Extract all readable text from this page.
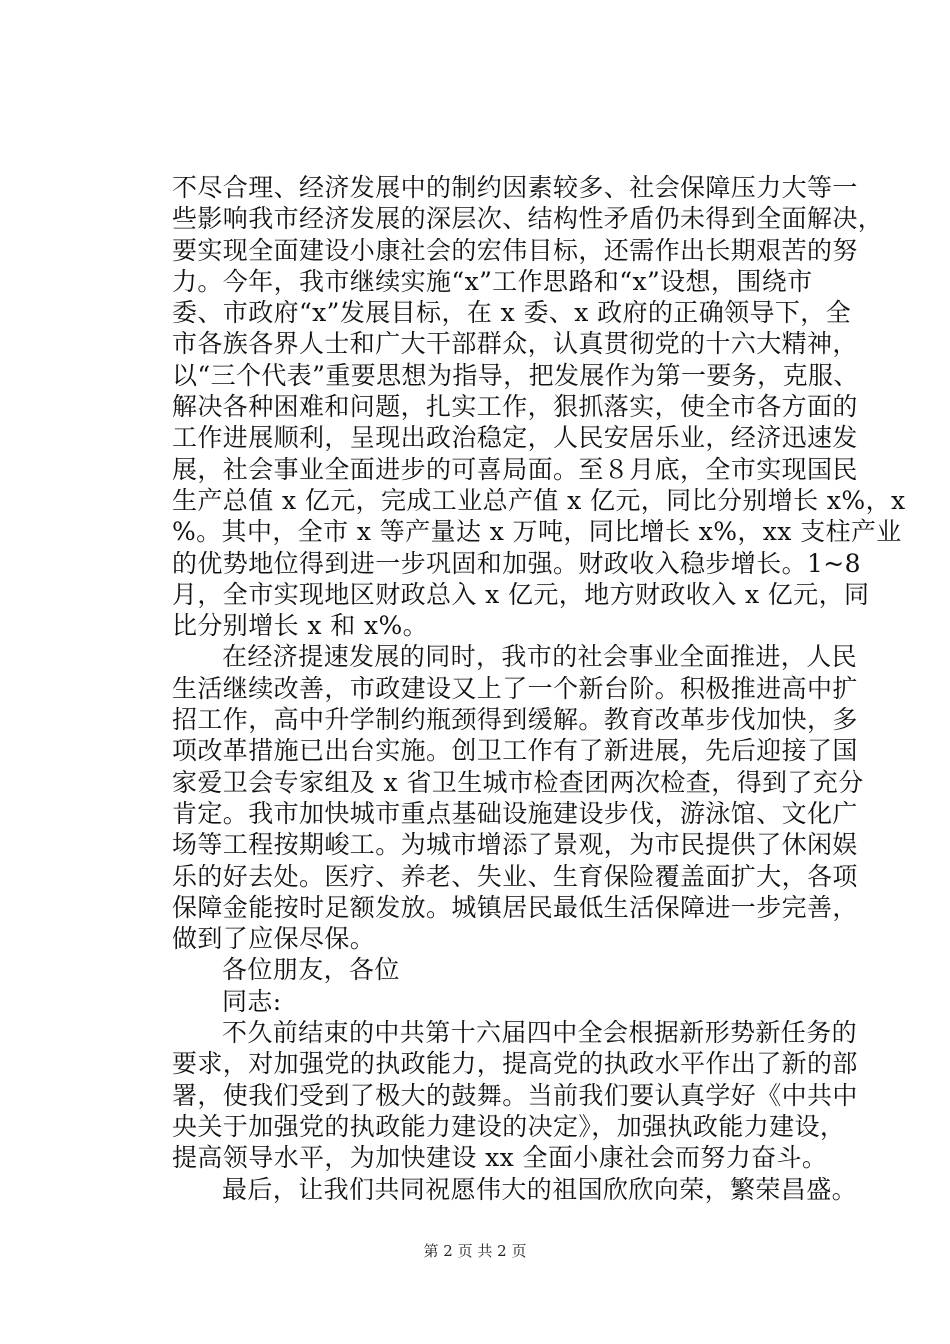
不尽合理、经济发展中的制约因素较多、社会保障压力大等一
些影响我市经济发展的深层次、结构性矛盾仍未得到全面解决，
要实现全面建设小康社会的宏伟目标，还需作出长期艰苦的努
力。今年，我市继续实施“x”工作思路和“x”设想，围绕市
委、市政府“x”发展目标，在 x 委、x 政府的正确领导下，全
市各族各界人士和广大干部群众，认真贯彻党的十六大精神，
以“三个代表”重要思想为指导，把发展作为第一要务，克服、
解决各种困难和问题，扎实工作，狠抓落实，使全市各方面的
工作进展顺利，呈现出政治稳定，人民安居乐业，经济迅速发
展，社会事业全面进步的可喜局面。至８月底，全市实现国民
生产总值 x 亿元，完成工业总产值 x 亿元，同比分别增长 x%，x
%。其中，全市 x 等产量达 x 万吨，同比增长 x%，xx 支柱产业
的优势地位得到进一步巩固和加强。财政收入稳步增长。1~8
月，全市实现地区财政总入 x 亿元，地方财政收入 x 亿元，同
比分别增长 x 和 x%。
在经济提速发展的同时，我市的社会事业全面推进，人民
生活继续改善，市政建设又上了一个新台阶。积极推进高中扩
招工作，高中升学制约瓶颈得到缓解。教育改革步伐加快，多
项改革措施已出台实施。创卫工作有了新进展，先后迎接了国
家爱卫会专家组及 x 省卫生城市检查团两次检查，得到了充分
肯定。我市加快城市重点基础设施建设步伐，游泳馆、文化广
场等工程按期峻工。为城市增添了景观，为市民提供了休闲娱
乐的好去处。医疗、养老、失业、生育保险覆盖面扩大，各项
保障金能按时足额发放。城镇居民最低生活保障进一步完善，
做到了应保尽保。
各位朋友，各位
同志:
不久前结束的中共第十六届四中全会根据新形势新任务的
要求，对加强党的执政能力，提高党的执政水平作出了新的部
署，使我们受到了极大的鼓舞。当前我们要认真学好《中共中
央关于加强党的执政能力建设的决定》，加强执政能力建设，
提高领导水平，为加快建设 xx 全面小康社会而努力奋斗。
最后，让我们共同祝愿伟大的祖国欣欣向荣，繁荣昌盛。
第 2 页 共 2 页
